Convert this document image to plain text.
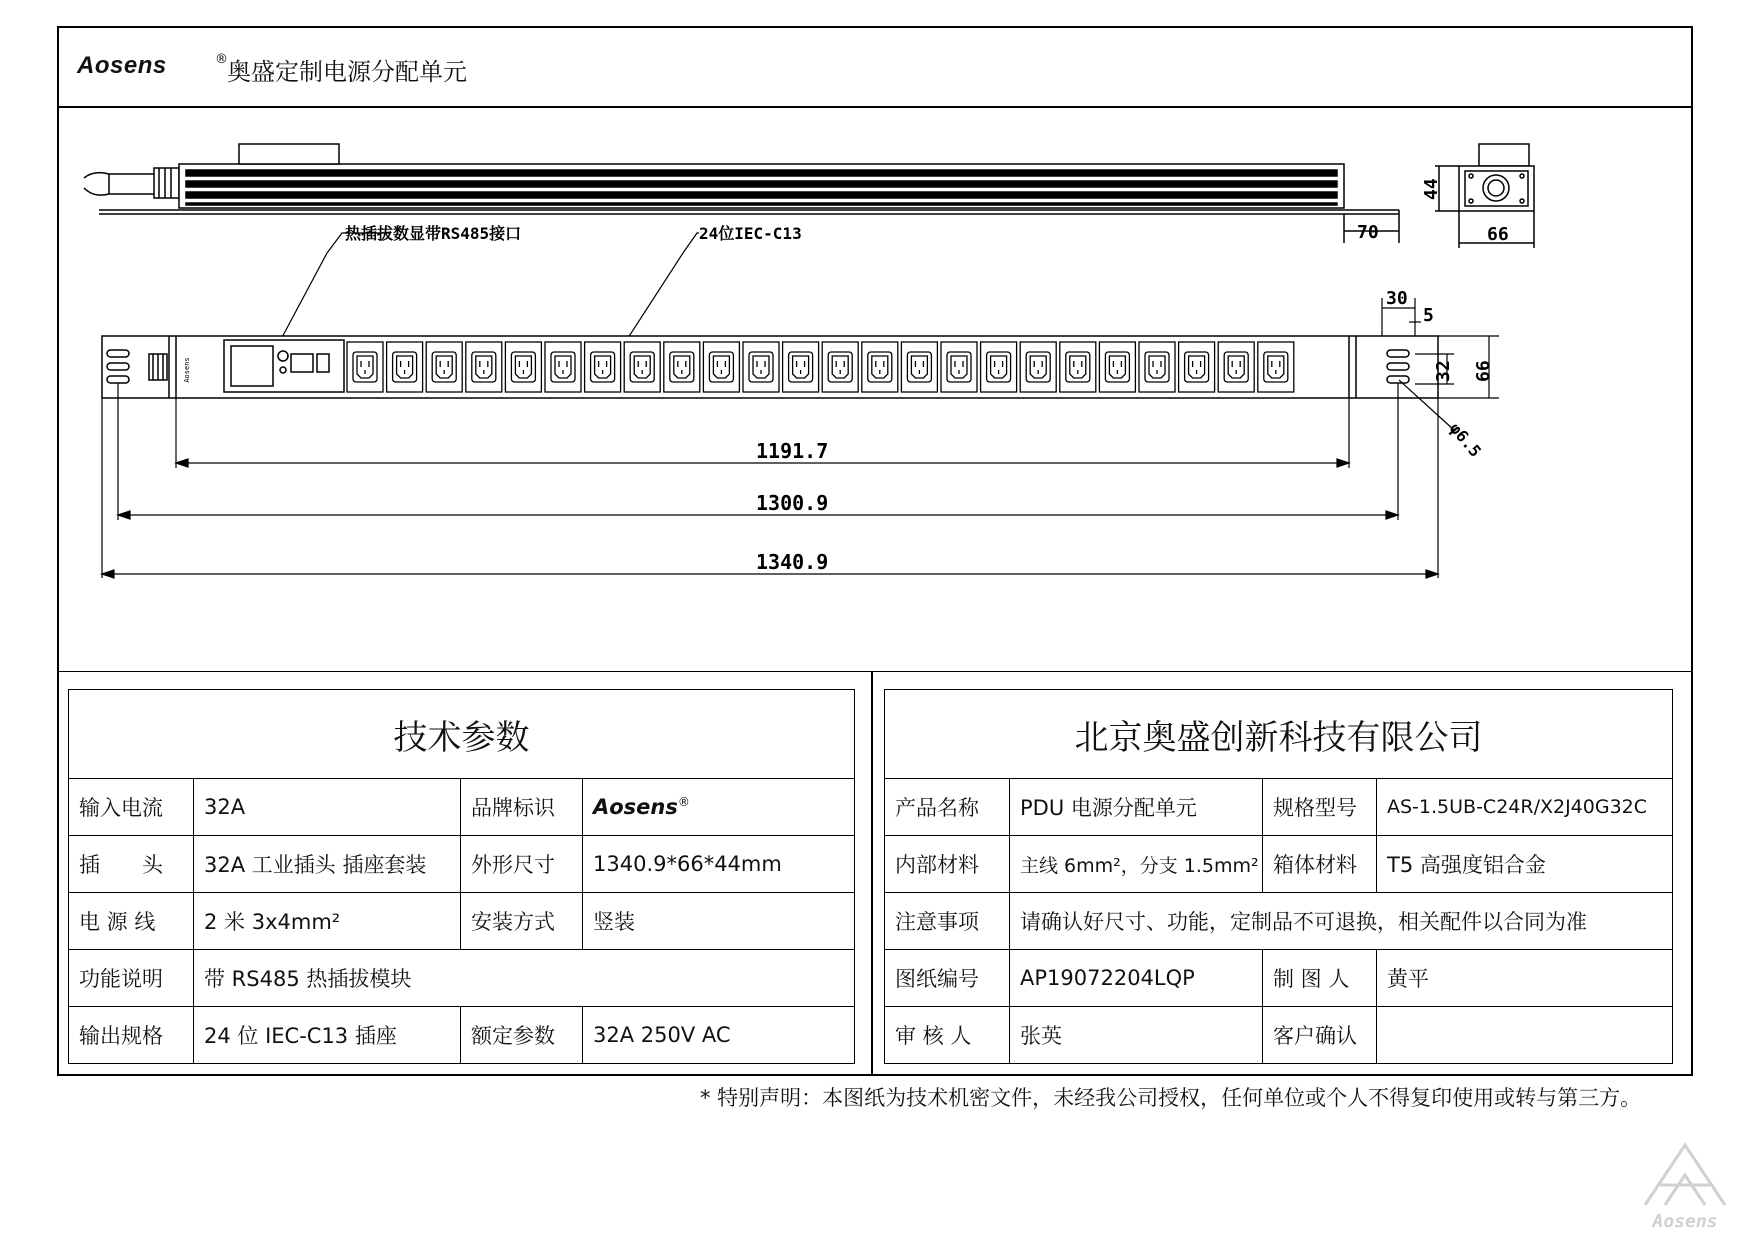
Aosens	® 奥盛定制电源分配单元
70
44
66
热插拔数显带RS485接口	24位IEC-C13
Aosens
30
5
32 66
φ6.5
1191.7
1300.9
1340.9
技术参数			
输入电流	32A	品牌标识	Aosens®
插　　头	32A 工业插头 插座套装	外形尺寸	1340.9*66*44mm
电 源 线	2 米 3x4mm²	安装方式	竖装
功能说明	带 RS485 热插拔模块		
输出规格	24 位 IEC-C13 插座	额定参数	32A 250V AC
北京奥盛创新科技有限公司			
产品名称	PDU 电源分配单元	规格型号	AS-1.5UB-C24R/X2J40G32C
内部材料	主线 6mm²，分支 1.5mm²	箱体材料	T5 高强度铝合金
注意事项	请确认好尺寸、功能，定制品不可退换，相关配件以合同为准		
图纸编号	AP19072204LQP	制 图 人	黄平
审 核 人	张英	客户确认	
* 特别声明：本图纸为技术机密文件，未经我公司授权，任何单位或个人不得复印使用或转与第三方。
Aosens
